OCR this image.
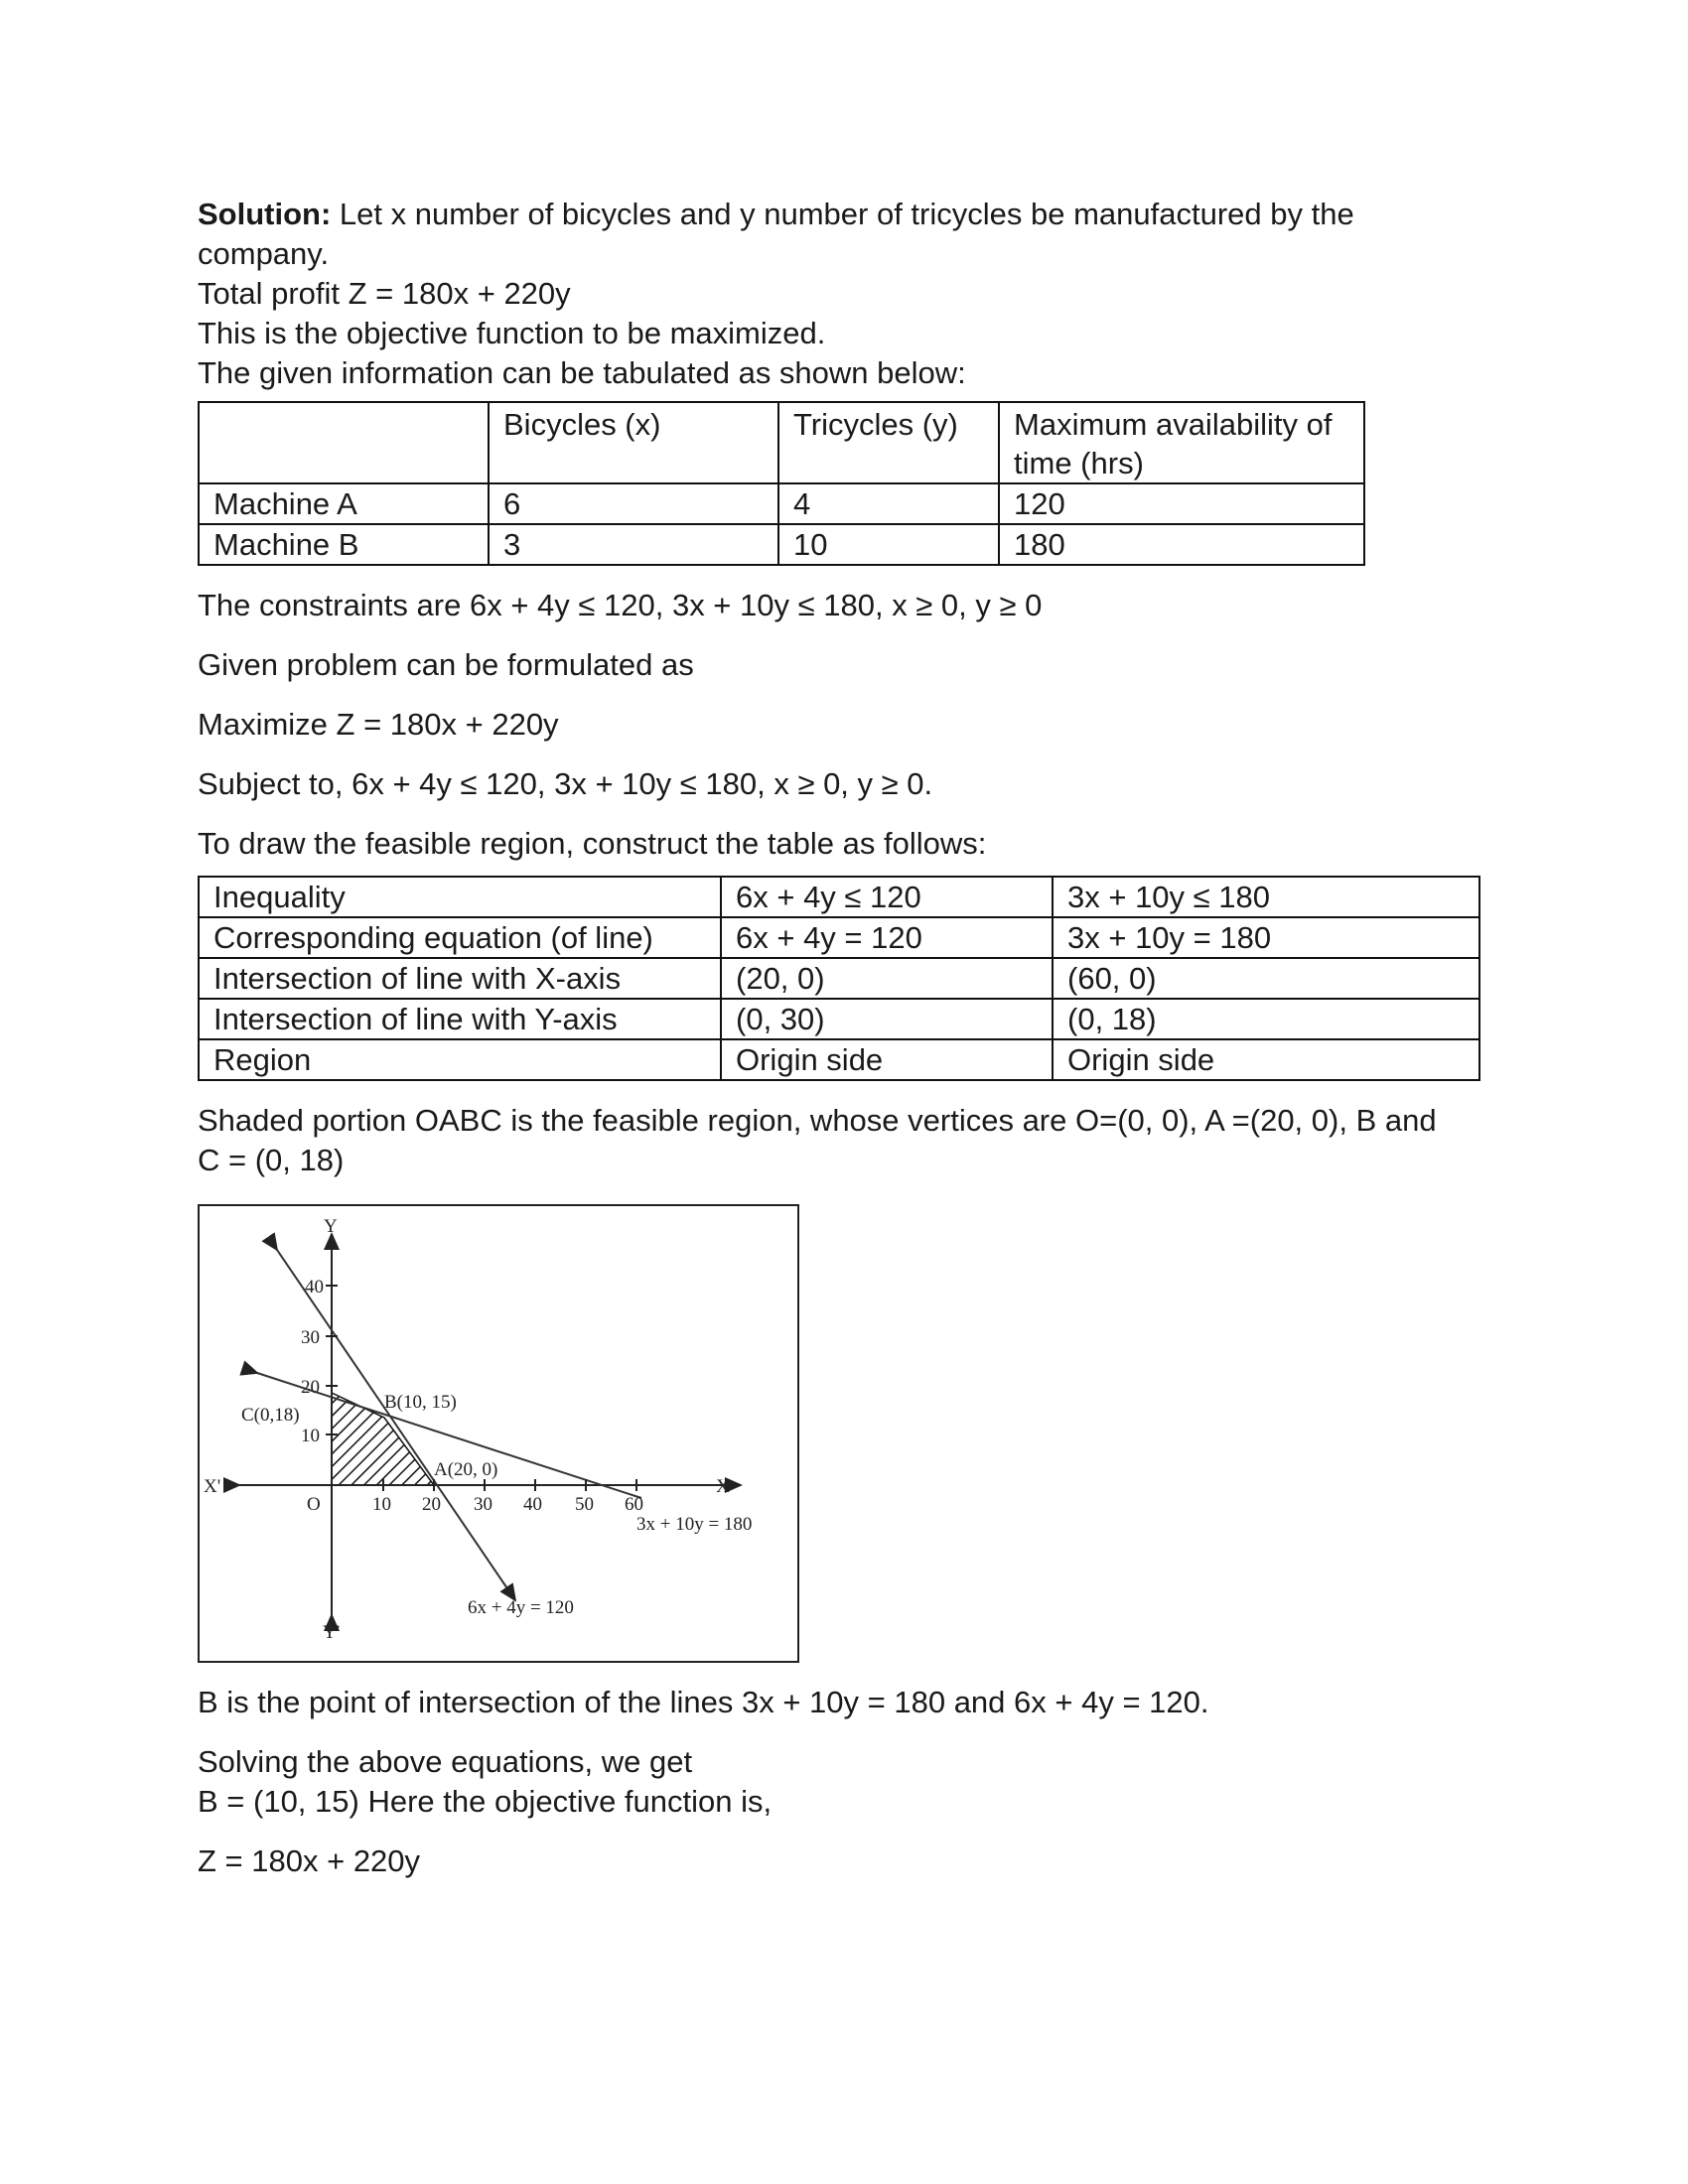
Solution: Let x number of bicycles and y number of tricycles be manufactured by the company.

Total profit Z = 180x + 220y

This is the objective function to be maximized.

The given information can be tabulated as shown below:

	Bicycles (x)	Tricycles (y)	Maximum availability of time (hrs)
Machine A	6	4	120
Machine B	3	10	180

The constraints are 6x + 4y ≤ 120, 3x + 10y ≤ 180, x ≥ 0, y ≥ 0

Given problem can be formulated as

Maximize Z = 180x + 220y

Subject to, 6x + 4y ≤ 120, 3x + 10y ≤ 180, x ≥ 0, y ≥ 0.

To draw the feasible region, construct the table as follows:

Inequality	6x + 4y ≤ 120	3x + 10y ≤ 180
Corresponding equation (of line)	6x + 4y = 120	3x + 10y = 180
Intersection of line with X-axis	(20, 0)	(60, 0)
Intersection of line with Y-axis	(0, 30)	(0, 18)
Region	Origin side	Origin side

Shaded portion OABC is the feasible region, whose vertices are O=(0, 0), A =(20, 0), B and C = (0, 18)

Y
Y'
X
X'
O	10 20 30 40 50 60
10
20
30
40
B(10, 15)
C(0,18)
A(20, 0)
3x + 10y = 180
6x + 4y = 120

B is the point of intersection of the lines 3x + 10y = 180 and 6x + 4y = 120.

Solving the above equations, we get

B = (10, 15) Here the objective function is,

Z = 180x + 220y
